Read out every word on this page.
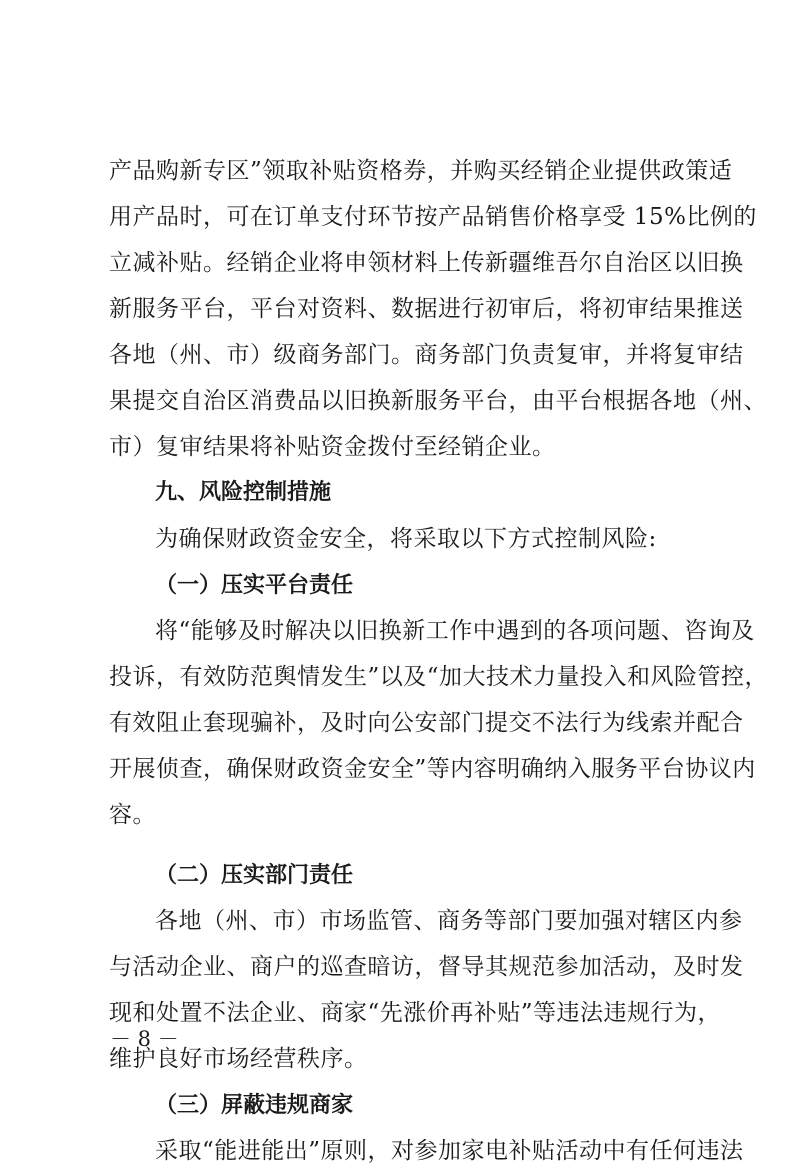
产品购新专区”领取补贴资格券，并购买经销企业提供政策适
用产品时，可在订单支付环节按产品销售价格享受 15%比例的
立减补贴。经销企业将申领材料上传新疆维吾尔自治区以旧换
新服务平台，平台对资料、数据进行初审后，将初审结果推送
各地（州、市）级商务部门。商务部门负责复审，并将复审结
果提交自治区消费品以旧换新服务平台，由平台根据各地（州、
市）复审结果将补贴资金拨付至经销企业。
九、风险控制措施
为确保财政资金安全，将采取以下方式控制风险:
（一）压实平台责任
将“能够及时解决以旧换新工作中遇到的各项问题、咨询及
投诉，有效防范舆情发生”以及“加大技术力量投入和风险管控，
有效阻止套现骗补，及时向公安部门提交不法行为线索并配合
开展侦查，确保财政资金安全”等内容明确纳入服务平台协议内
容。
（二）压实部门责任
各地（州、市）市场监管、商务等部门要加强对辖区内参
与活动企业、商户的巡查暗访，督导其规范参加活动，及时发
现和处置不法企业、商家“先涨价再补贴”等违法违规行为，
维护良好市场经营秩序。
（三）屏蔽违规商家
采取“能进能出”原则，对参加家电补贴活动中有任何违法
－ 8 －
